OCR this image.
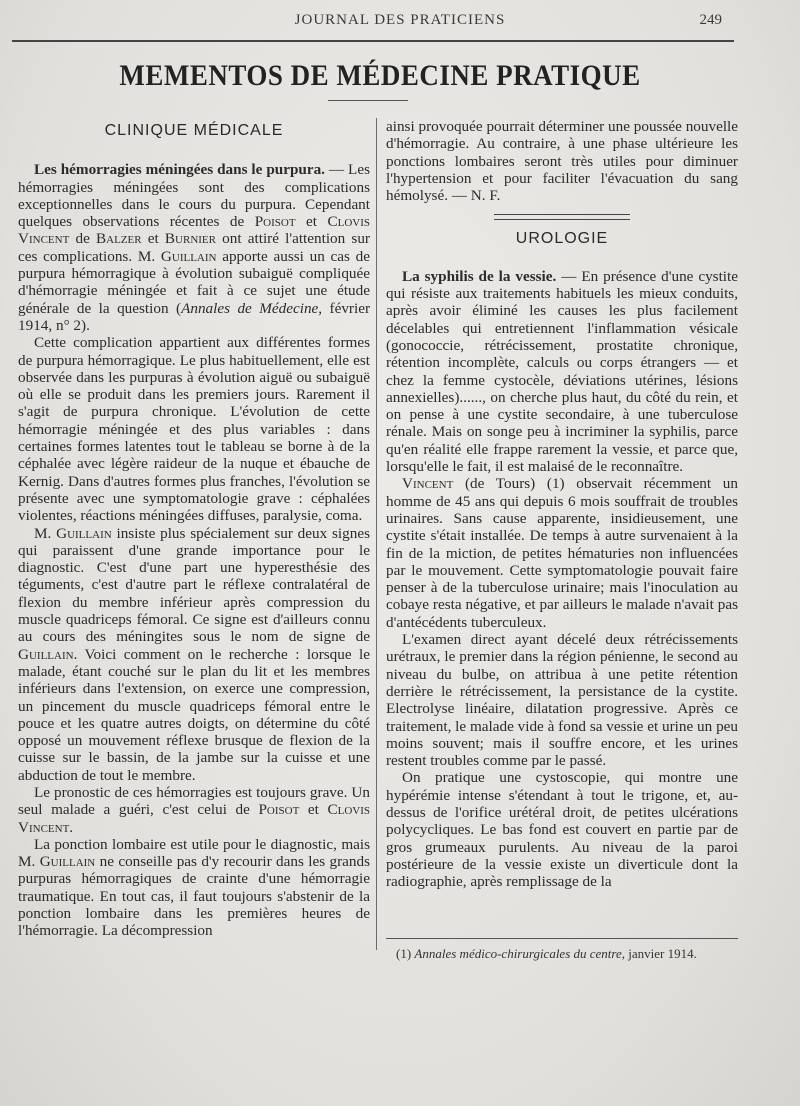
JOURNAL DES PRATICIENS	249
MEMENTOS DE MÉDECINE PRATIQUE
CLINIQUE MÉDICALE

Les hémorragies méningées dans le purpura. — Les hémorragies méningées sont des complications exceptionnelles dans le cours du purpura. Cependant quelques observations récentes de Poisot et Clovis Vincent de Balzer et Burnier ont attiré l'attention sur ces complications. M. Guillain apporte aussi un cas de purpura hémorragique à évolution subaiguë compliquée d'hémorragie méningée et fait à ce sujet une étude générale de la question (Annales de Médecine, février 1914, n° 2).

Cette complication appartient aux différentes formes de purpura hémorragique. Le plus habituellement, elle est observée dans les purpuras à évolution aiguë ou subaiguë où elle se produit dans les premiers jours. Rarement il s'agit de purpura chronique. L'évolution de cette hémorragie méningée et des plus variables : dans certaines formes latentes tout le tableau se borne à de la céphalée avec légère raideur de la nuque et ébauche de Kernig. Dans d'autres formes plus franches, l'évolution se présente avec une symptomatologie grave : céphalées violentes, réactions méningées diffuses, paralysie, coma.

M. Guillain insiste plus spécialement sur deux signes qui paraissent d'une grande importance pour le diagnostic. C'est d'une part une hyperesthésie des téguments, c'est d'autre part le réflexe contralatéral de flexion du membre inférieur après compression du muscle quadriceps fémoral. Ce signe est d'ailleurs connu au cours des méningites sous le nom de signe de Guillain. Voici comment on le recherche : lorsque le malade, étant couché sur le plan du lit et les membres inférieurs dans l'extension, on exerce une compression, un pincement du muscle quadriceps fémoral entre le pouce et les quatre autres doigts, on détermine du côté opposé un mouvement réflexe brusque de flexion de la cuisse sur le bassin, de la jambe sur la cuisse et une abduction de tout le membre.

Le pronostic de ces hémorragies est toujours grave. Un seul malade a guéri, c'est celui de Poisot et Clovis Vincent.

La ponction lombaire est utile pour le diagnostic, mais M. Guillain ne conseille pas d'y recourir dans les grands purpuras hémorragiques de crainte d'une hémorragie traumatique. En tout cas, il faut toujours s'abstenir de la ponction lombaire dans les premières heures de l'hémorragie. La décompression

ainsi provoquée pourrait déterminer une poussée nouvelle d'hémorragie. Au contraire, à une phase ultérieure les ponctions lombaires seront très utiles pour diminuer l'hypertension et pour faciliter l'évacuation du sang hémolysé. — N. F.

UROLOGIE

La syphilis de la vessie. — En présence d'une cystite qui résiste aux traitements habituels les mieux conduits, après avoir éliminé les causes les plus facilement décelables qui entretiennent l'inflammation vésicale (gonococcie, rétrécissement, prostatite chronique, rétention incomplète, calculs ou corps étrangers — et chez la femme cystocèle, déviations utérines, lésions annexielles)......, on cherche plus haut, du côté du rein, et on pense à une cystite secondaire, à une tuberculose rénale. Mais on songe peu à incriminer la syphilis, parce qu'en réalité elle frappe rarement la vessie, et parce que, lorsqu'elle le fait, il est malaisé de le reconnaître.

Vincent (de Tours) (1) observait récemment un homme de 45 ans qui depuis 6 mois souffrait de troubles urinaires. Sans cause apparente, insidieusement, une cystite s'était installée. De temps à autre survenaient à la fin de la miction, de petites hématuries non influencées par le mouvement. Cette symptomatologie pouvait faire penser à de la tuberculose urinaire; mais l'inoculation au cobaye resta négative, et par ailleurs le malade n'avait pas d'antécédents tuberculeux.

L'examen direct ayant décelé deux rétrécissements urétraux, le premier dans la région pénienne, le second au niveau du bulbe, on attribua à une petite rétention derrière le rétrécissement, la persistance de la cystite. Electrolyse linéaire, dilatation progressive. Après ce traitement, le malade vide à fond sa vessie et urine un peu moins souvent; mais il souffre encore, et les urines restent troubles comme par le passé.

On pratique une cystoscopie, qui montre une hypérémie intense s'étendant à tout le trigone, et, au-dessus de l'orifice urétéral droit, de petites ulcérations polycycliques. Le bas fond est couvert en partie par de gros grumeaux purulents. Au niveau de la paroi postérieure de la vessie existe un diverticule dont la radiographie, après remplissage de la

(1) Annales médico-chirurgicales du centre, janvier 1914.
